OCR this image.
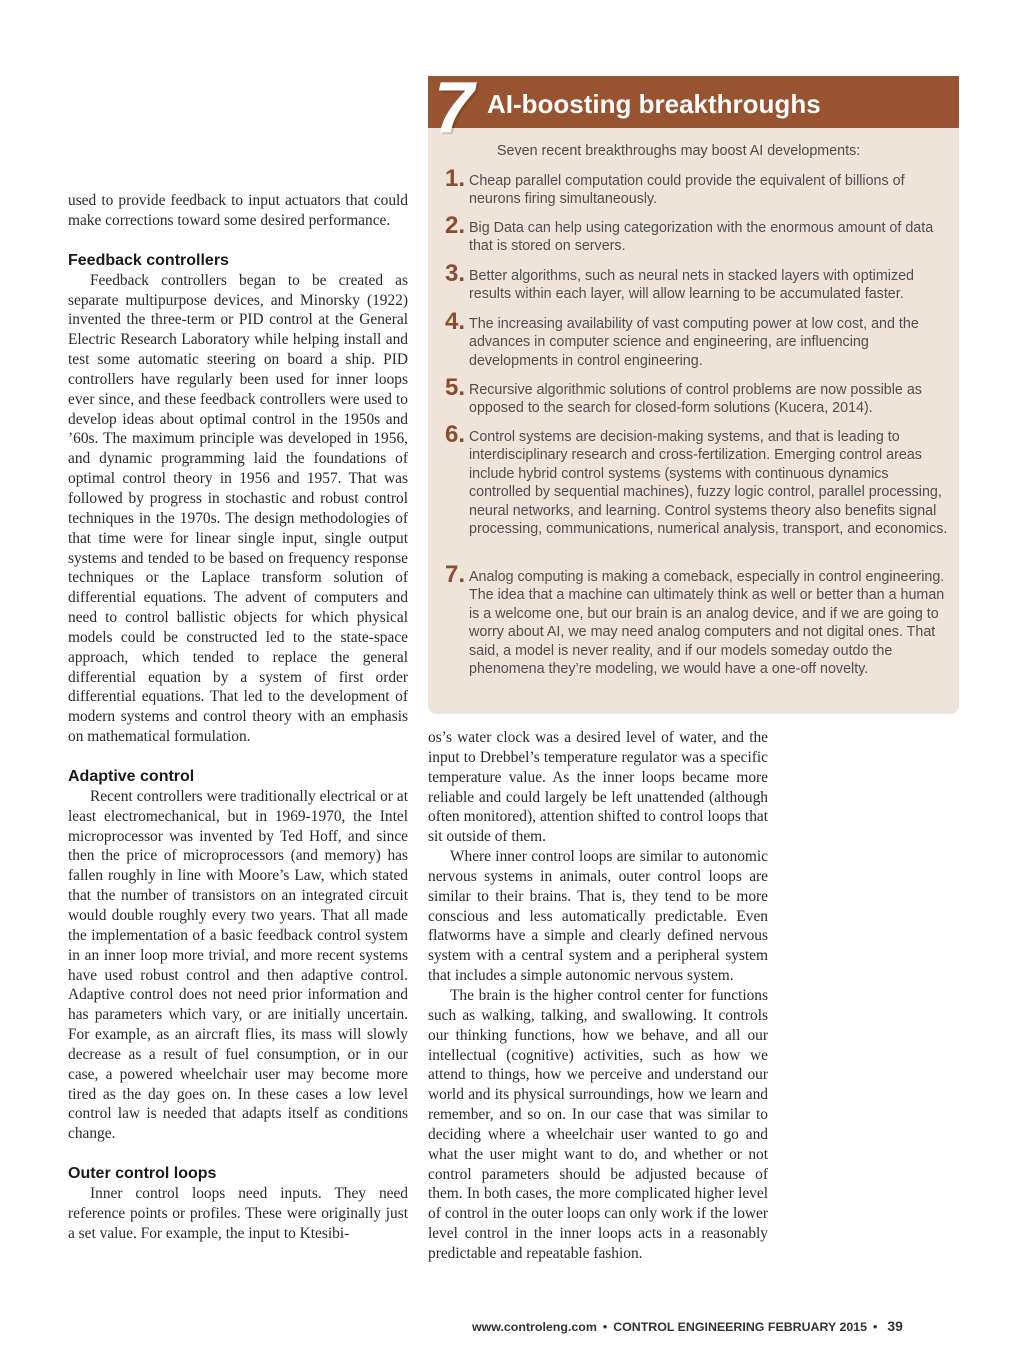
used to provide feedback to input actuators that could make corrections toward some desired performance.

Feedback controllers

Feedback controllers began to be created as separate multipurpose devices, and Minorsky (1922) invented the three-term or PID control at the General Electric Research Laboratory while helping install and test some automatic steering on board a ship. PID controllers have regularly been used for inner loops ever since, and these feedback controllers were used to develop ideas about optimal control in the 1950s and ’60s. The maximum principle was developed in 1956, and dynamic programming laid the foundations of optimal control theory in 1956 and 1957. That was followed by progress in stochastic and robust control techniques in the 1970s. The design methodologies of that time were for linear single input, single output systems and tended to be based on frequency response techniques or the Laplace transform solution of differential equations. The advent of computers and need to control ballistic objects for which physical models could be constructed led to the state-space approach, which tended to replace the general differential equation by a system of first order differential equations. That led to the development of modern systems and control theory with an emphasis on mathematical formulation.

Adaptive control

Recent controllers were traditionally electrical or at least electromechanical, but in 1969-1970, the Intel microprocessor was invented by Ted Hoff, and since then the price of microprocessors (and memory) has fallen roughly in line with Moore’s Law, which stated that the number of transistors on an integrated circuit would double roughly every two years. That all made the implementation of a basic feedback control system in an inner loop more trivial, and more recent systems have used robust control and then adaptive control. Adaptive control does not need prior information and has parameters which vary, or are initially uncertain. For example, as an aircraft flies, its mass will slowly decrease as a result of fuel consumption, or in our case, a powered wheelchair user may become more tired as the day goes on. In these cases a low level control law is needed that adapts itself as conditions change.

Outer control loops

Inner control loops need inputs. They need reference points or profiles. These were originally just a set value. For example, the input to Ktesibi-

7 AI-boosting breakthroughs
Seven recent breakthroughs may boost AI developments:
1. Cheap parallel computation could provide the equivalent of billions of neurons firing simultaneously.
2. Big Data can help using categorization with the enormous amount of data that is stored on servers.
3. Better algorithms, such as neural nets in stacked layers with optimized results within each layer, will allow learning to be accumulated faster.
4. The increasing availability of vast computing power at low cost, and the advances in computer science and engineering, are influencing developments in control engineering.
5. Recursive algorithmic solutions of control problems are now possible as opposed to the search for closed-form solutions (Kucera, 2014).
6. Control systems are decision-making systems, and that is leading to interdisciplinary research and cross-fertilization. Emerging control areas include hybrid control systems (systems with continuous dynamics controlled by sequential machines), fuzzy logic control, parallel processing, neural networks, and learning. Control systems theory also benefits signal processing, communications, numerical analysis, transport, and economics.
7. Analog computing is making a comeback, especially in control engineering. The idea that a machine can ultimately think as well or better than a human is a welcome one, but our brain is an analog device, and if we are going to worry about AI, we may need analog computers and not digital ones. That said, a model is never reality, and if our models someday outdo the phenomena they’re modeling, we would have a one-off novelty.

os’s water clock was a desired level of water, and the input to Drebbel’s temperature regulator was a specific temperature value. As the inner loops became more reliable and could largely be left unattended (although often monitored), attention shifted to control loops that sit outside of them.

Where inner control loops are similar to autonomic nervous systems in animals, outer control loops are similar to their brains. That is, they tend to be more conscious and less automatically predictable. Even flatworms have a simple and clearly defined nervous system with a central system and a peripheral system that includes a simple autonomic nervous system.

The brain is the higher control center for functions such as walking, talking, and swallowing. It controls our thinking functions, how we behave, and all our intellectual (cognitive) activities, such as how we attend to things, how we perceive and understand our world and its physical surroundings, how we learn and remember, and so on. In our case that was similar to deciding where a wheelchair user wanted to go and what the user might want to do, and whether or not control parameters should be adjusted because of them. In both cases, the more complicated higher level of control in the outer loops can only work if the lower level control in the inner loops acts in a reasonably predictable and repeatable fashion.

www.controleng.com • CONTROL ENGINEERING FEBRUARY 2015 • 39
